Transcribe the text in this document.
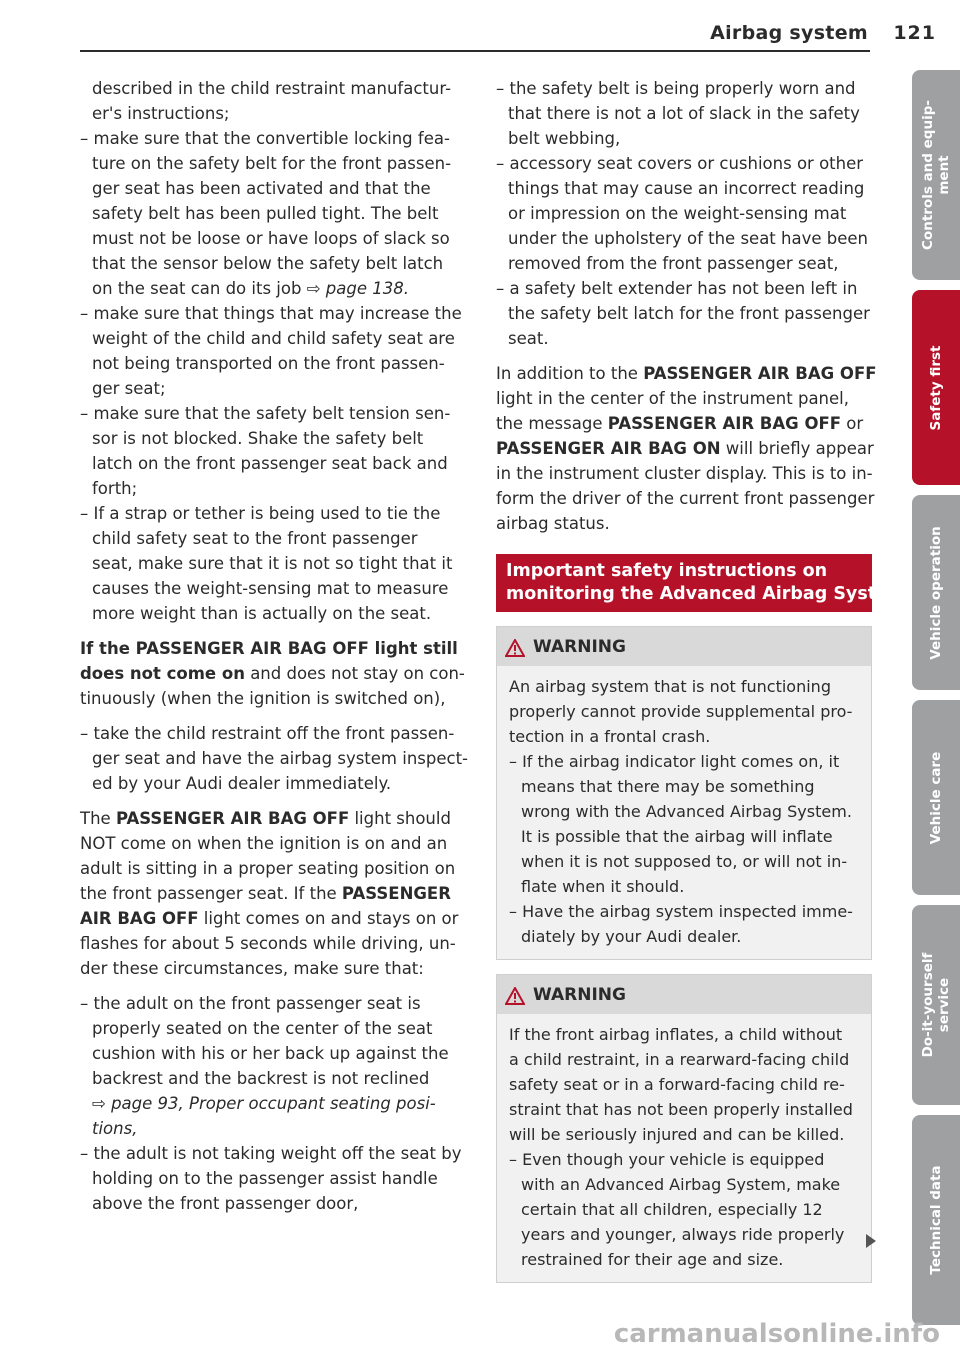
Airbag system 121
described in the child restraint manufactur-
er's instructions;
– make sure that the convertible locking fea-
ture on the safety belt for the front passen-
ger seat has been activated and that the
safety belt has been pulled tight. The belt
must not be loose or have loops of slack so
that the sensor below the safety belt latch
on the seat can do its job ⇨ page 138.
– make sure that things that may increase the
weight of the child and child safety seat are
not being transported on the front passen-
ger seat;
– make sure that the safety belt tension sen-
sor is not blocked. Shake the safety belt
latch on the front passenger seat back and
forth;
– If a strap or tether is being used to tie the
child safety seat to the front passenger
seat, make sure that it is not so tight that it
causes the weight-sensing mat to measure
more weight than is actually on the seat.
If the PASSENGER AIR BAG OFF light still
does not come on and does not stay on con-
tinuously (when the ignition is switched on),
– take the child restraint off the front passen-
ger seat and have the airbag system inspect-
ed by your Audi dealer immediately.
The PASSENGER AIR BAG OFF light should
NOT come on when the ignition is on and an
adult is sitting in a proper seating position on
the front passenger seat. If the PASSENGER
AIR BAG OFF light comes on and stays on or
flashes for about 5 seconds while driving, un-
der these circumstances, make sure that:
– the adult on the front passenger seat is
properly seated on the center of the seat
cushion with his or her back up against the
backrest and the backrest is not reclined
⇨ page 93, Proper occupant seating posi-
tions,
– the adult is not taking weight off the seat by
holding on to the passenger assist handle
above the front passenger door,
– the safety belt is being properly worn and
that there is not a lot of slack in the safety
belt webbing,
– accessory seat covers or cushions or other
things that may cause an incorrect reading
or impression on the weight-sensing mat
under the upholstery of the seat have been
removed from the front passenger seat,
– a safety belt extender has not been left in
the safety belt latch for the front passenger
seat.
In addition to the PASSENGER AIR BAG OFF
light in the center of the instrument panel,
the message PASSENGER AIR BAG OFF or
PASSENGER AIR BAG ON will briefly appear
in the instrument cluster display. This is to in-
form the driver of the current front passenger
airbag status.
Important safety instructions on
monitoring the Advanced Airbag System
WARNING
An airbag system that is not functioning
properly cannot provide supplemental pro-
tection in a frontal crash.
– If the airbag indicator light comes on, it
means that there may be something
wrong with the Advanced Airbag System.
It is possible that the airbag will inflate
when it is not supposed to, or will not in-
flate when it should.
– Have the airbag system inspected imme-
diately by your Audi dealer.
WARNING
If the front airbag inflates, a child without
a child restraint, in a rearward-facing child
safety seat or in a forward-facing child re-
straint that has not been properly installed
will be seriously injured and can be killed.
– Even though your vehicle is equipped
with an Advanced Airbag System, make
certain that all children, especially 12
years and younger, always ride properly
restrained for their age and size.
Controls and equip- ment
Safety first
Vehicle operation
Vehicle care
Do-it-yourself service
Technical data
carmanualsonline.info
